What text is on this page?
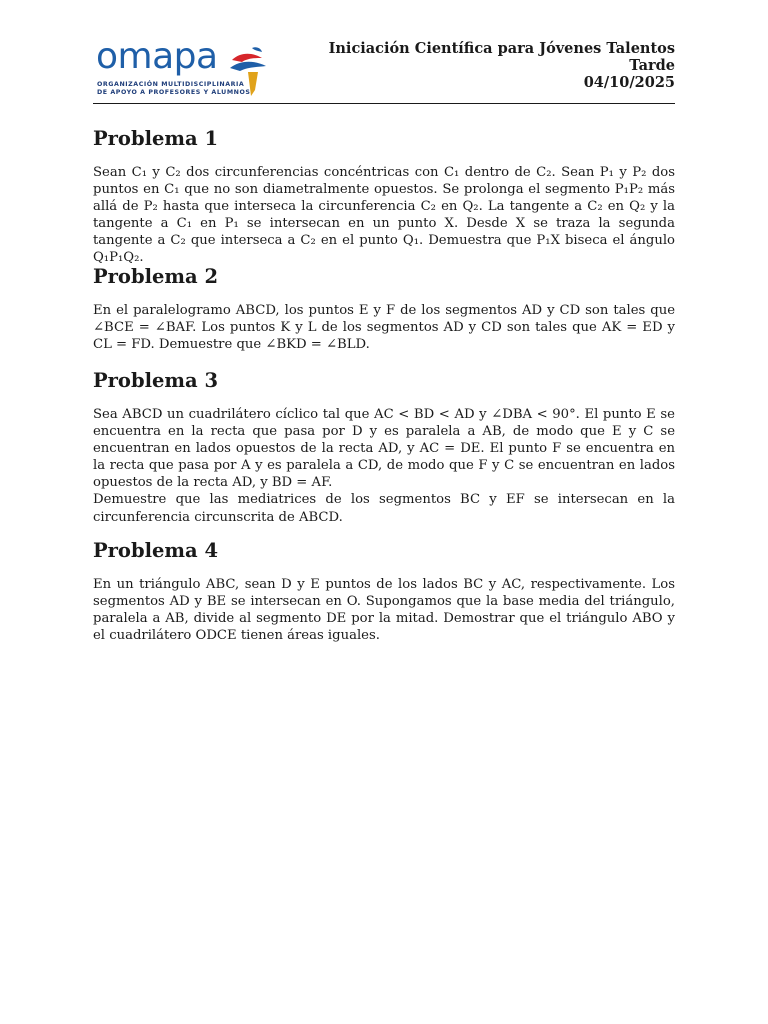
omapa
ORGANIZACIÓN MULTIDISCIPLINARIA
DE APOYO A PROFESORES Y ALUMNOS
Iniciación Científica para Jóvenes Talentos
Tarde
04/10/2025
Problema 1

Sean C₁ y C₂ dos circunferencias concéntricas con C₁ dentro de C₂. Sean P₁ y P₂ dos puntos en C₁ que no son diametralmente opuestos. Se prolonga el segmento P₁P₂ más allá de P₂ hasta que interseca la circunferencia C₂ en Q₂. La tangente a C₂ en Q₂ y la tangente a C₁ en P₁ se intersecan en un punto X. Desde X se traza la segunda tangente a C₂ que interseca a C₂ en el punto Q₁. Demuestra que P₁X biseca el ángulo Q₁P₁Q₂.

Problema 2

En el paralelogramo ABCD, los puntos E y F de los segmentos AD y CD son tales que ∠BCE = ∠BAF. Los puntos K y L de los segmentos AD y CD son tales que AK = ED y CL = FD. Demuestre que ∠BKD = ∠BLD.

Problema 3

Sea ABCD un cuadrilátero cíclico tal que AC < BD < AD y ∠DBA < 90°. El punto E se encuentra en la recta que pasa por D y es paralela a AB, de modo que E y C se encuentran en lados opuestos de la recta AD, y AC = DE. El punto F se encuentra en la recta que pasa por A y es paralela a CD, de modo que F y C se encuentran en lados opuestos de la recta AD, y BD = AF.

Demuestre que las mediatrices de los segmentos BC y EF se intersecan en la circunferencia circunscrita de ABCD.

Problema 4

En un triángulo ABC, sean D y E puntos de los lados BC y AC, respectivamente. Los segmentos AD y BE se intersecan en O. Supongamos que la base media del triángulo, paralela a AB, divide al segmento DE por la mitad. Demostrar que el triángulo ABO y el cuadrilátero ODCE tienen áreas iguales.
